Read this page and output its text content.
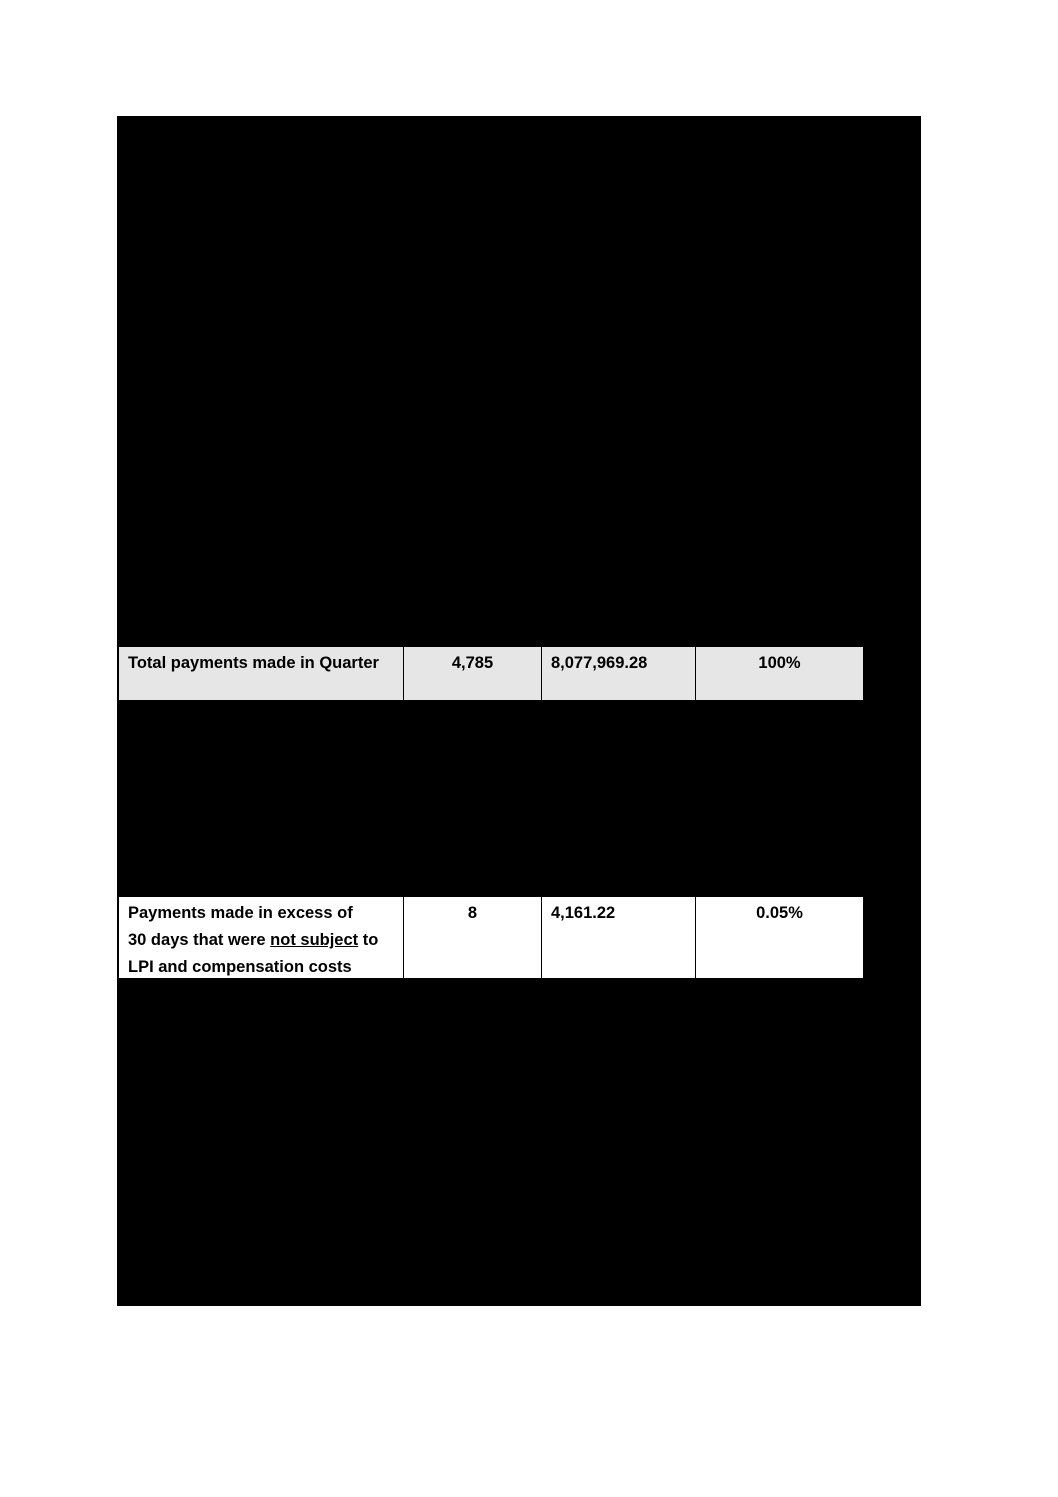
Total payments made in Quarter	4,785	8,077,969.28	100%
Payments made in excess of
30 days that were not subject to
LPI and compensation costs
8	4,161.22	0.05%
